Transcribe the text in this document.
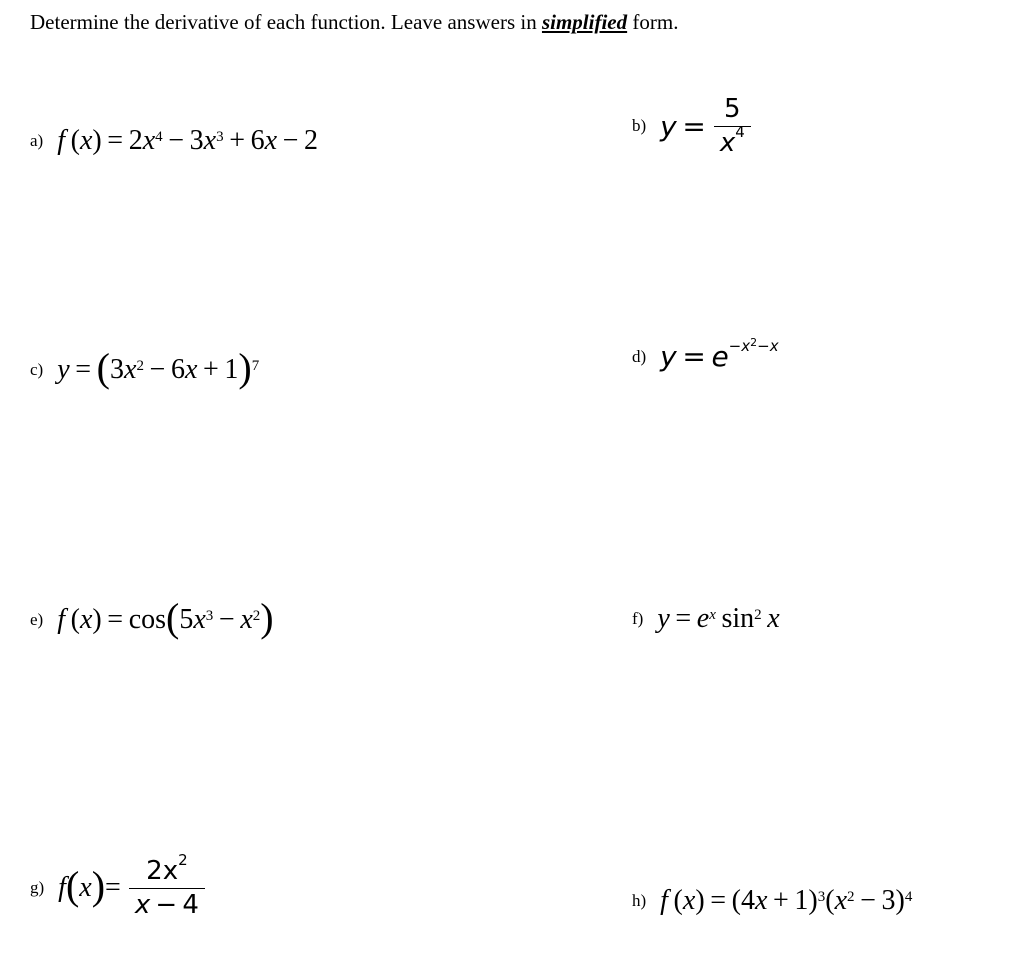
Determine the derivative of each function. Leave answers in simplified form.
a) f  ( x ) = 2 $x^4 - 3$ $x^3 + 6$ x  − 2	b) y
  = $\frac{5}{x^4}$
c) y  =  ( 3 $x^2 - 6$ x  + 1 )$^7$
d) y
  =
  $e^{-x^2-x}$
e) f  ( x ) = cos ( 5 $x^3 - x^2$ )	f) y  =  e $^x$  $\sin^2$
  x
g) f ( x ) = $\frac{2x^2}{x - 4}$	h) f  ( x ) = (4 x  + 1)$^3$ ( $x^2 - 3)^4$
